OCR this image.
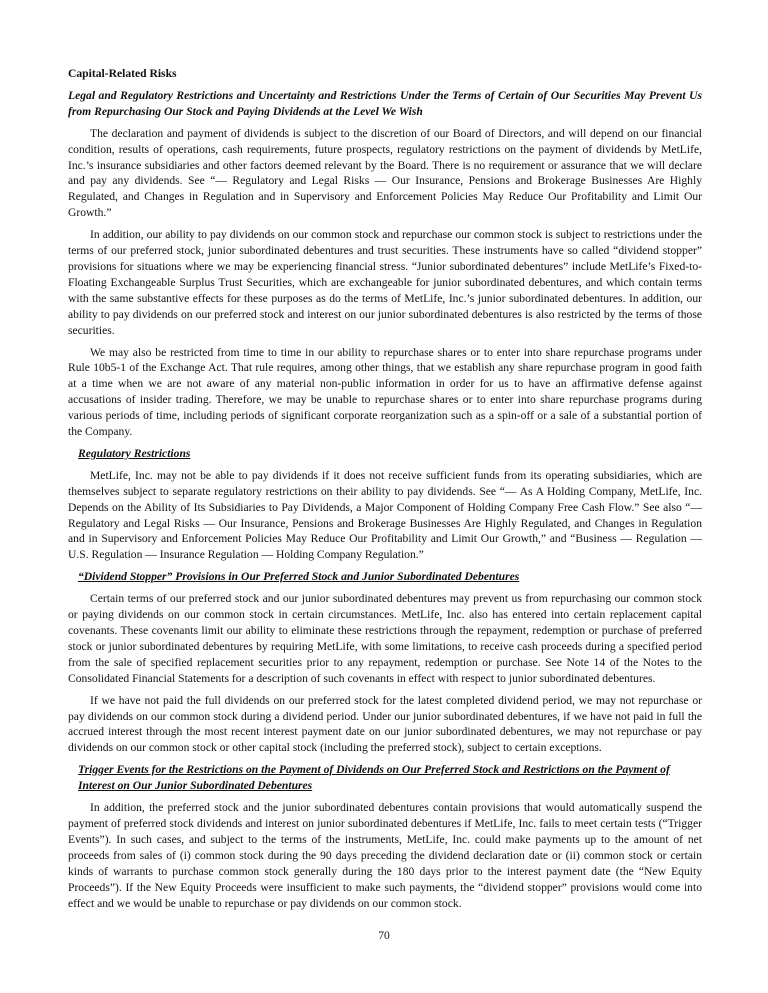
Capital-Related Risks
Legal and Regulatory Restrictions and Uncertainty and Restrictions Under the Terms of Certain of Our Securities May Prevent Us from Repurchasing Our Stock and Paying Dividends at the Level We Wish

The declaration and payment of dividends is subject to the discretion of our Board of Directors, and will depend on our financial condition, results of operations, cash requirements, future prospects, regulatory restrictions on the payment of dividends by MetLife, Inc.’s insurance subsidiaries and other factors deemed relevant by the Board. There is no requirement or assurance that we will declare and pay any dividends. See “— Regulatory and Legal Risks — Our Insurance, Pensions and Brokerage Businesses Are Highly Regulated, and Changes in Regulation and in Supervisory and Enforcement Policies May Reduce Our Profitability and Limit Our Growth.”

In addition, our ability to pay dividends on our common stock and repurchase our common stock is subject to restrictions under the terms of our preferred stock, junior subordinated debentures and trust securities. These instruments have so called “dividend stopper” provisions for situations where we may be experiencing financial stress. “Junior subordinated debentures” include MetLife’s Fixed-to-Floating Exchangeable Surplus Trust Securities, which are exchangeable for junior subordinated debentures, and which contain terms with the same substantive effects for these purposes as do the terms of MetLife, Inc.’s junior subordinated debentures. In addition, our ability to pay dividends on our preferred stock and interest on our junior subordinated debentures is also restricted by the terms of those securities.

We may also be restricted from time to time in our ability to repurchase shares or to enter into share repurchase programs under Rule 10b5-1 of the Exchange Act. That rule requires, among other things, that we establish any share repurchase program in good faith at a time when we are not aware of any material non-public information in order for us to have an affirmative defense against accusations of insider trading. Therefore, we may be unable to repurchase shares or to enter into share repurchase programs during various periods of time, including periods of significant corporate reorganization such as a spin-off or a sale of a substantial portion of the Company.

Regulatory Restrictions

MetLife, Inc. may not be able to pay dividends if it does not receive sufficient funds from its operating subsidiaries, which are themselves subject to separate regulatory restrictions on their ability to pay dividends. See “— As A Holding Company, MetLife, Inc. Depends on the Ability of Its Subsidiaries to Pay Dividends, a Major Component of Holding Company Free Cash Flow.” See also “— Regulatory and Legal Risks — Our Insurance, Pensions and Brokerage Businesses Are Highly Regulated, and Changes in Regulation and in Supervisory and Enforcement Policies May Reduce Our Profitability and Limit Our Growth,” and “Business — Regulation — U.S. Regulation — Insurance Regulation — Holding Company Regulation.”

“Dividend Stopper” Provisions in Our Preferred Stock and Junior Subordinated Debentures

Certain terms of our preferred stock and our junior subordinated debentures may prevent us from repurchasing our common stock or paying dividends on our common stock in certain circumstances. MetLife, Inc. also has entered into certain replacement capital covenants. These covenants limit our ability to eliminate these restrictions through the repayment, redemption or purchase of preferred stock or junior subordinated debentures by requiring MetLife, with some limitations, to receive cash proceeds during a specified period from the sale of specified replacement securities prior to any repayment, redemption or purchase. See Note 14 of the Notes to the Consolidated Financial Statements for a description of such covenants in effect with respect to junior subordinated debentures.

If we have not paid the full dividends on our preferred stock for the latest completed dividend period, we may not repurchase or pay dividends on our common stock during a dividend period. Under our junior subordinated debentures, if we have not paid in full the accrued interest through the most recent interest payment date on our junior subordinated debentures, we may not repurchase or pay dividends on our common stock or other capital stock (including the preferred stock), subject to certain exceptions.

Trigger Events for the Restrictions on the Payment of Dividends on Our Preferred Stock and Restrictions on the Payment of Interest on Our Junior Subordinated Debentures

In addition, the preferred stock and the junior subordinated debentures contain provisions that would automatically suspend the payment of preferred stock dividends and interest on junior subordinated debentures if MetLife, Inc. fails to meet certain tests (“Trigger Events”). In such cases, and subject to the terms of the instruments, MetLife, Inc. could make payments up to the amount of net proceeds from sales of (i) common stock during the 90 days preceding the dividend declaration date or (ii) common stock or certain kinds of warrants to purchase common stock generally during the 180 days prior to the interest payment date (the “New Equity Proceeds”). If the New Equity Proceeds were insufficient to make such payments, the “dividend stopper” provisions would come into effect and we would be unable to repurchase or pay dividends on our common stock.

70
